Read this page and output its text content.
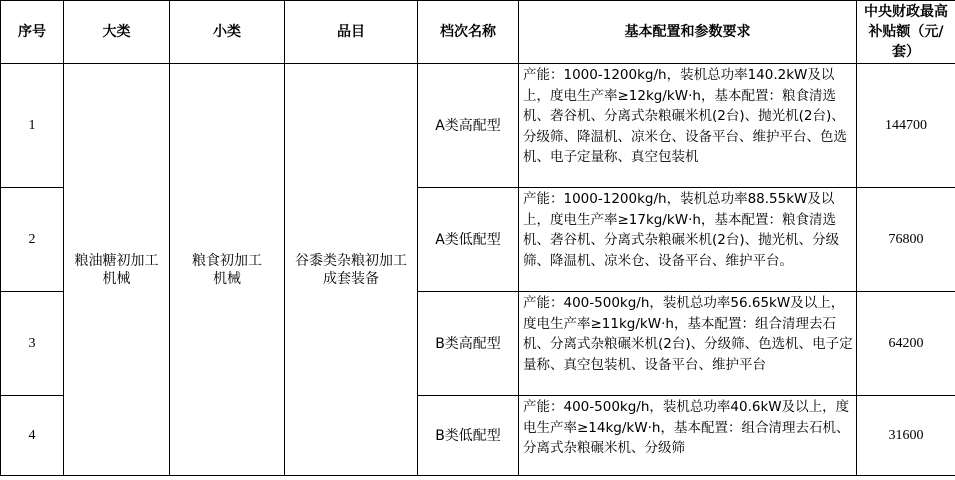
序号	大类	小类	品目	档次名称	基本配置和参数要求	中央财政最高补贴额（元/套）
1	粮油糖初加工机械	粮食初加工机械	谷黍类杂粮初加工成套装备	A类高配型	产能：1000-1200kg/h，装机总功率140.2kW及以上，度电生产率≥12kg/kW·h，基本配置：粮食清选机、砻谷机、分离式杂粮碾米机(2台)、抛光机(2台)、分级筛、降温机、凉米仓、设备平台、维护平台、色选机、电子定量称、真空包装机	144700
2				A类低配型	产能：1000-1200kg/h，装机总功率88.55kW及以上，度电生产率≥17kg/kW·h，基本配置：粮食清选机、砻谷机、分离式杂粮碾米机(2台)、抛光机、分级筛、降温机、凉米仓、设备平台、维护平台。	76800
3				B类高配型	产能：400-500kg/h，装机总功率56.65kW及以上，度电生产率≥11kg/kW·h，基本配置：组合清理去石机、分离式杂粮碾米机(2台)、分级筛、色选机、电子定量称、真空包装机、设备平台、维护平台	64200
4				B类低配型	产能：400-500kg/h，装机总功率40.6kW及以上，度电生产率≥14kg/kW·h，基本配置：组合清理去石机、分离式杂粮碾米机、分级筛	31600
